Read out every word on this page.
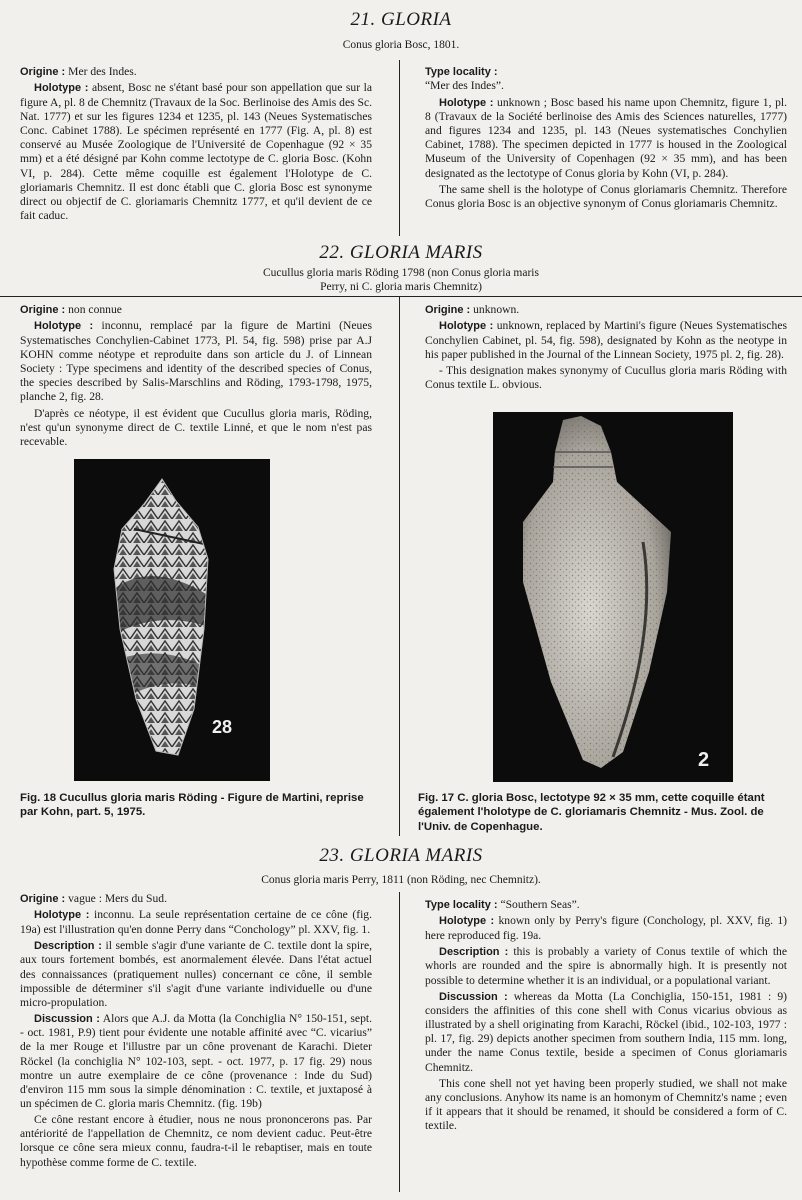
21. GLORIA
Conus gloria Bosc, 1801.

Origine : Mer des Indes.

Holotype : absent, Bosc ne s'étant basé pour son appellation que sur la figure A, pl. 8 de Chemnitz (Travaux de la Soc. Berlinoise des Amis des Sc. Nat. 1777) et sur les figures 1234 et 1235, pl. 143 (Neues Systematisches Conc. Cabinet 1788). Le spécimen représenté en 1777 (Fig. A, pl. 8) est conservé au Musée Zoologique de l'Université de Copenhague (92 × 35 mm) et a été désigné par Kohn comme lectotype de C. gloria Bosc. (Kohn VI, p. 284). Cette même coquille est également l'Holotype de C. gloriamaris Chemnitz. Il est donc établi que C. gloria Bosc est synonyme direct ou objectif de C. gloriamaris Chemnitz 1777, et qu'il devient de ce fait caduc.

Type locality :
“Mer des Indes”.

Holotype : unknown ; Bosc based his name upon Chemnitz, figure 1, pl. 8 (Travaux de la Société berlinoise des Amis des Sciences naturelles, 1777) and figures 1234 and 1235, pl. 143 (Neues systematisches Conchylien Cabinet, 1788). The specimen depicted in 1777 is housed in the Zoological Museum of the University of Copenhagen (92 × 35 mm), and has been designated as the lectotype of Conus gloria by Kohn (VI, p. 284).

The same shell is the holotype of Conus gloriamaris Chemnitz. Therefore Conus gloria Bosc is an objective synonym of Conus gloriamaris Chemnitz.

22. GLORIA MARIS
Cucullus gloria maris Röding 1798 (non Conus gloria maris
Perry, ni C. gloria maris Chemnitz)

Origine : non connue

Holotype : inconnu, remplacé par la figure de Martini (Neues Systematisches Conchylien-Cabinet 1773, Pl. 54, fig. 598) prise par A.J KOHN comme néotype et reproduite dans son article du J. of Linnean Society : Type specimens and identity of the described species of Conus, the species described by Salis-Marschlins and Röding, 1793-1798, 1975, planche 2, fig. 28.

D'après ce néotype, il est évident que Cucullus gloria maris, Röding, n'est qu'un synonyme direct de C. textile Linné, et que le nom n'est pas recevable.

Origine : unknown.

Holotype : unknown, replaced by Martini's figure (Neues Systematisches Conchylien Cabinet, pl. 54, fig. 598), designated by Kohn as the neotype in his paper published in the Journal of the Linnean Society, 1975 pl. 2, fig. 28).

- This designation makes synonymy of Cucullus gloria maris Röding with Conus textile L. obvious.

28
2
Fig. 18 Cucullus gloria maris Röding - Figure de Martini, reprise par Kohn, part. 5, 1975.
Fig. 17 C. gloria Bosc, lectotype 92 × 35 mm, cette coquille étant également l'holotype de C. gloriamaris Chemnitz - Mus. Zool. de l'Univ. de Copenhague.
23. GLORIA MARIS
Conus gloria maris Perry, 1811 (non Röding, nec Chemnitz).

Origine : vague : Mers du Sud.

Holotype : inconnu. La seule représentation certaine de ce cône (fig. 19a) est l'illustration qu'en donne Perry dans “Conchology” pl. XXV, fig. 1.

Description : il semble s'agir d'une variante de C. textile dont la spire, aux tours fortement bombés, est anormalement élevée. Dans l'état actuel des connaissances (pratiquement nulles) concernant ce cône, il semble impossible de déterminer s'il s'agit d'une variante individuelle ou d'une micro-propulation.

Discussion : Alors que A.J. da Motta (la Conchiglia N° 150-151, sept. - oct. 1981, P.9) tient pour évidente une notable affinité avec “C. vicarius” de la mer Rouge et l'illustre par un cône provenant de Karachi. Dieter Röckel (la conchiglia N° 102-103, sept. - oct. 1977, p. 17 fig. 29) nous montre un autre exemplaire de ce cône (provenance : Inde du Sud) d'environ 115 mm sous la simple dénomination : C. textile, et juxtaposé à un spécimen de C. gloria maris Chemnitz. (fig. 19b)

Ce cône restant encore à étudier, nous ne nous prononcerons pas. Par antériorité de l'appellation de Chemnitz, ce nom devient caduc. Peut-être lorsque ce cône sera mieux connu, faudra-t-il le rebaptiser, mais en toute hypothèse comme forme de C. textile.

Type locality : “Southern Seas”.

Holotype : known only by Perry's figure (Conchology, pl. XXV, fig. 1) here reproduced fig. 19a.

Description : this is probably a variety of Conus textile of which the whorls are rounded and the spire is abnormally high. It is presently not possible to determine whether it is an individual, or a populational variant.

Discussion : whereas da Motta (La Conchiglia, 150-151, 1981 : 9) considers the affinities of this cone shell with Conus vicarius obvious as illustrated by a shell originating from Karachi, Röckel (ibid., 102-103, 1977 : pl. 17, fig. 29) depicts another specimen from southern India, 115 mm. long, under the name Conus textile, beside a specimen of Conus gloriamaris Chemnitz.

This cone shell not yet having been properly studied, we shall not make any conclusions. Anyhow its name is an homonym of Chemnitz's name ; even if it appears that it should be renamed, it should be considered a form of C. textile.
